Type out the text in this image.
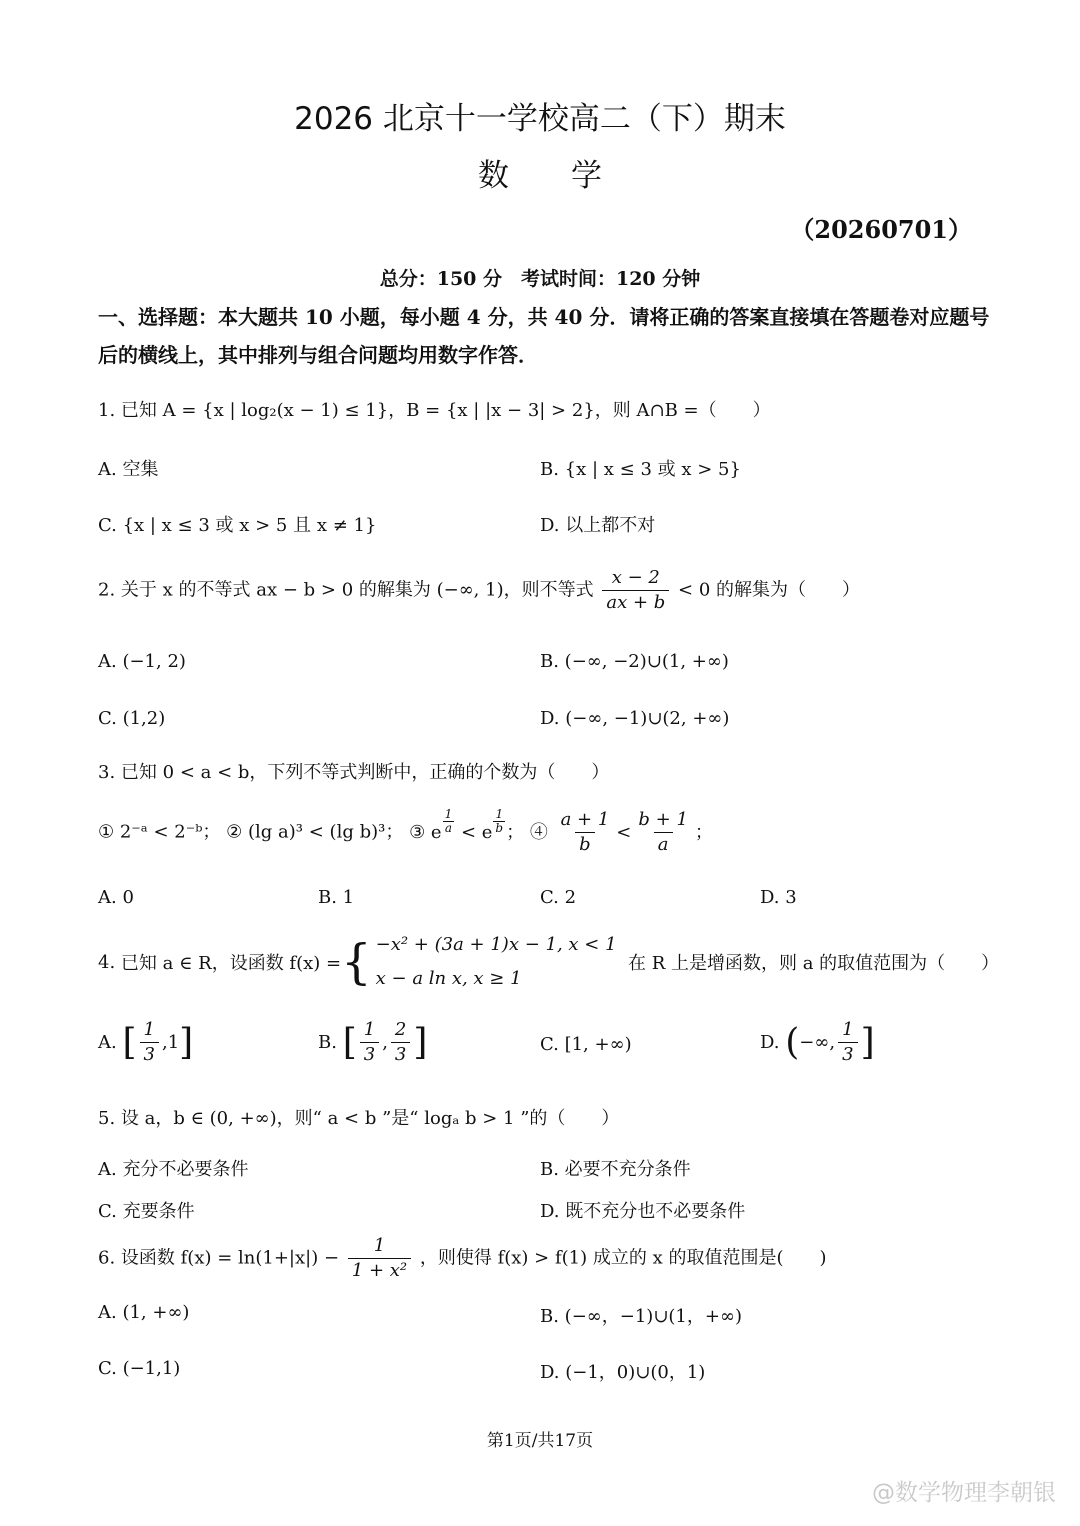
2026 北京十一学校高二（下）期末
数　　学
（20260701）
总分：150 分　考试时间：120 分钟
一、选择题：本大题共 10 小题，每小题 4 分，共 40 分．请将正确的答案直接填在答题卷对应题号后的横线上，其中排列与组合问题均用数字作答．
1. 已知 A = {x | log₂(x − 1) ≤ 1}，B = {x | |x − 3| > 2}，则 A∩B =（　　）
A. 空集	B. {x | x ≤ 3 或 x > 5}
C. {x | x ≤ 3 或 x > 5 且 x ≠ 1}	D. 以上都不对
2. 关于 x 的不等式 ax − b > 0 的解集为 (−∞, 1)，则不等式 $\frac{x - 2}{ax + b} < 0$ 的解集为（　　）
A. (−1, 2)	B. (−∞, −2)∪(1, +∞)
C. (1,2)	D. (−∞, −1)∪(2, +∞)
3. 已知 0 < a < b，下列不等式判断中，正确的个数为（　　）
① 2⁻ᵃ < 2⁻ᵇ； ② (lg a)³ < (lg b)³； ③ e $\frac{1}{a} < e \frac{1}{b}$ ； ④ $\frac{a + 1}{b} < \frac{b + 1}{a}$ ；
A. 0	B. 1	C. 2	D. 3
4.
已知 a ∈ R，设函数 f(x) = { −x² + (3a + 1)x − 1, x < 1
x − a ln x, x ≥ 1

在 R 上是增函数，则 a 的取值范围为（　　）
A.
[ $\frac{1}{3} ,1$ ]	B.
[ $\frac{1}{3}$ , $\frac{2}{3}$ ]	C. [1, +∞)	D.
( −∞, $\frac{1}{3}$ ]
5. 设 a，b ∈ (0, +∞)，则“ a < b ”是“ logₐ b > 1 ”的（　　）
A. 充分不必要条件	B. 必要不充分条件
C. 充要条件	D. 既不充分也不必要条件
6. 设函数 $f(x) = \ln(1+|x|) - \frac{1}{\text{1 + x²}}$ ，则使得 f(x) > f(1) 成立的 x 的取值范围是(　　)
A. (1, +∞)	B. (−∞，−1)∪(1，+∞)
C. (−1,1)	D. (−1，0)∪(0，1)
第1页/共17页
@数学物理李朝银
